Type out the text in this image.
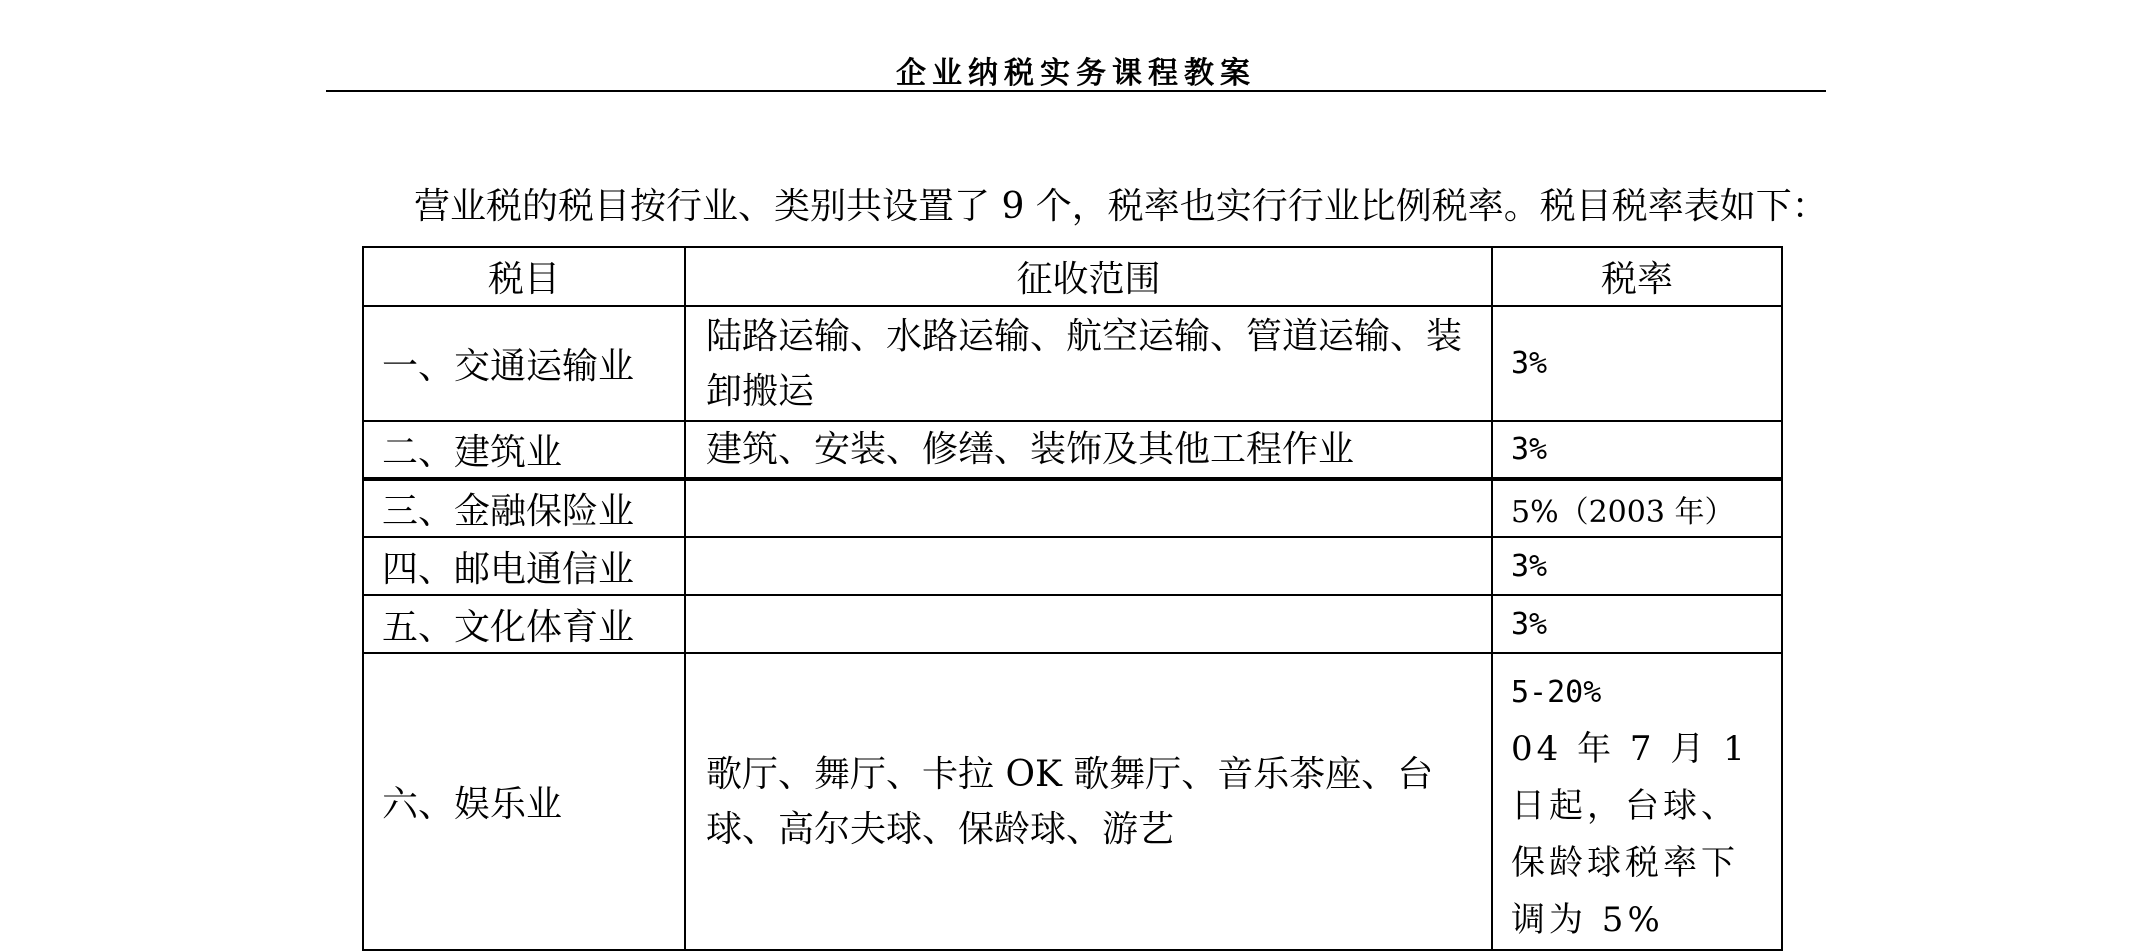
企业纳税实务课程教案
营业税的税目按行业、类别共设置了 9 个，税率也实行行业比例税率。税目税率表如下：
税目	征收范围	税率
一、交通运输业	陆路运输、水路运输、航空运输、管道运输、装卸搬运	3%
二、建筑业	建筑、安装、修缮、装饰及其他工程作业	3%
三、金融保险业		5%（2003 年）
四、邮电通信业		3%
五、文化体育业		3%
六、娱乐业	歌厅、舞厅、卡拉 OK 歌舞厅、音乐茶座、台球、高尔夫球、保龄球、游艺	5-20%
04 年 7 月 1 日起，台球、保龄球税率下调为 5%
